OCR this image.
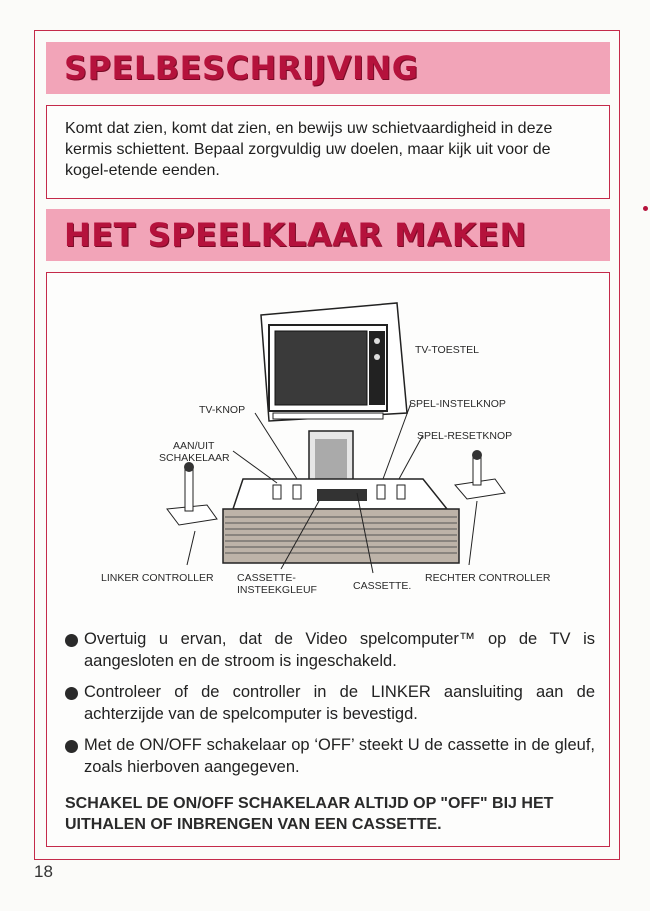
SPELBESCHRIJVING

Komt dat zien, komt dat zien, en bewijs uw schietvaardigheid in deze kermis schiettent. Bepaal zorgvuldig uw doelen, maar kijk uit voor de kogel-etende eenden.

HET SPEELKLAAR MAKEN
TV-TOESTEL
TV-KNOP
AAN/UIT
SCHAKELAAR
SPEL-INSTELKNOP
SPEL-RESETKNOP
LINKER CONTROLLER CASSETTE-
INSTEEKGLEUF	CASSETTE.
RECHTER CONTROLLER
Overtuig u ervan, dat de Video spelcomputer™ op de TV is aangesloten en de stroom is ingeschakeld.
Controleer of de controller in de LINKER aansluiting aan de achterzijde van de spelcomputer is bevestigd.
Met de ON/OFF schakelaar op ‘OFF’ steekt U de cassette in de gleuf, zoals hierboven aangegeven.
SCHAKEL DE ON/OFF SCHAKELAAR ALTIJD OP "OFF" BIJ HET UITHALEN OF INBRENGEN VAN EEN CASSETTE.
18
